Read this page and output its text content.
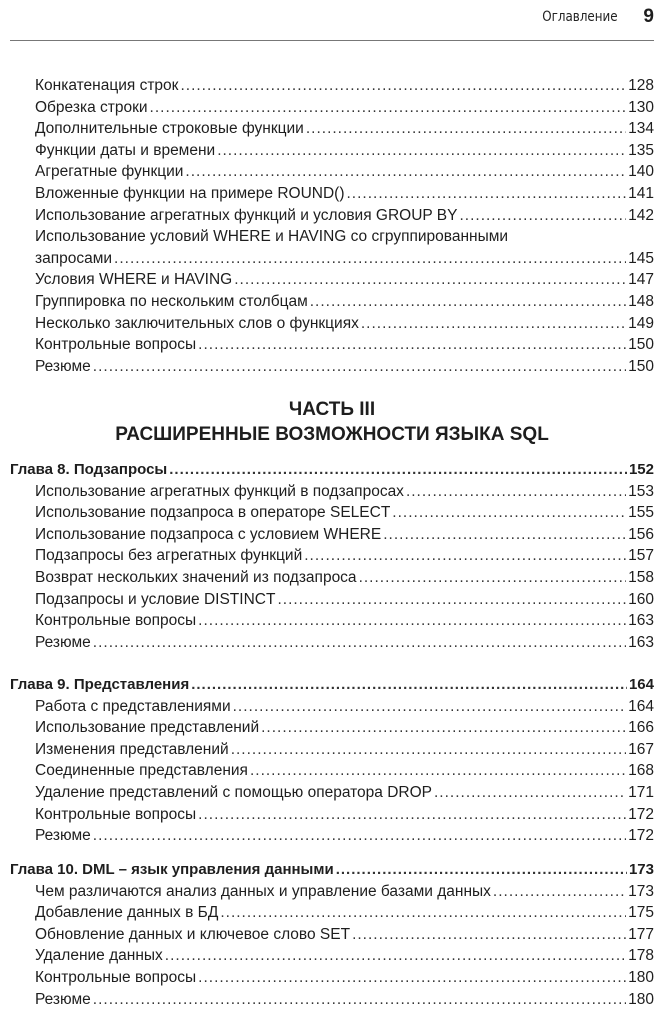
Оглавление 9
Конкатенация строк .....	128
Обрезка строки .....	130
Дополнительные строковые функции .....	134
Функции даты и времени .....	135
Агрегатные функции .....	140
Вложенные функции на примере ROUND() .....	141
Использование агрегатных функций и условия GROUP BY .....	142
Использование условий WHERE и HAVING со сгруппированными
запросами .....	145
Условия WHERE и HAVING .....	147
Группировка по нескольким столбцам .....	148
Несколько заключительных слов о функциях .....	149
Контрольные вопросы .....	150
Резюме .....	150
ЧАСТЬ III
РАСШИРЕННЫЕ ВОЗМОЖНОСТИ ЯЗЫКА SQL
Глава 8. Подзапросы .....	152
Использование агрегатных функций в подзапросах .....	153
Использование подзапроса в операторе SELECT .....	155
Использование подзапроса с условием WHERE .....	156
Подзапросы без агрегатных функций .....	157
Возврат нескольких значений из подзапроса .....	158
Подзапросы и условие DISTINCT .....	160
Контрольные вопросы .....	163
Резюме .....	163
Глава 9. Представления .....	164
Работа с представлениями .....	164
Использование представлений .....	166
Изменения представлений .....	167
Соединенные представления .....	168
Удаление представлений с помощью оператора DROP .....	171
Контрольные вопросы .....	172
Резюме .....	172
Глава 10. DML – язык управления данными .....	173
Чем различаются анализ данных и управление базами данных .....	173
Добавление данных в БД .....	175
Обновление данных и ключевое слово SET .....	177
Удаление данных .....	178
Контрольные вопросы .....	180
Резюме .....	180
